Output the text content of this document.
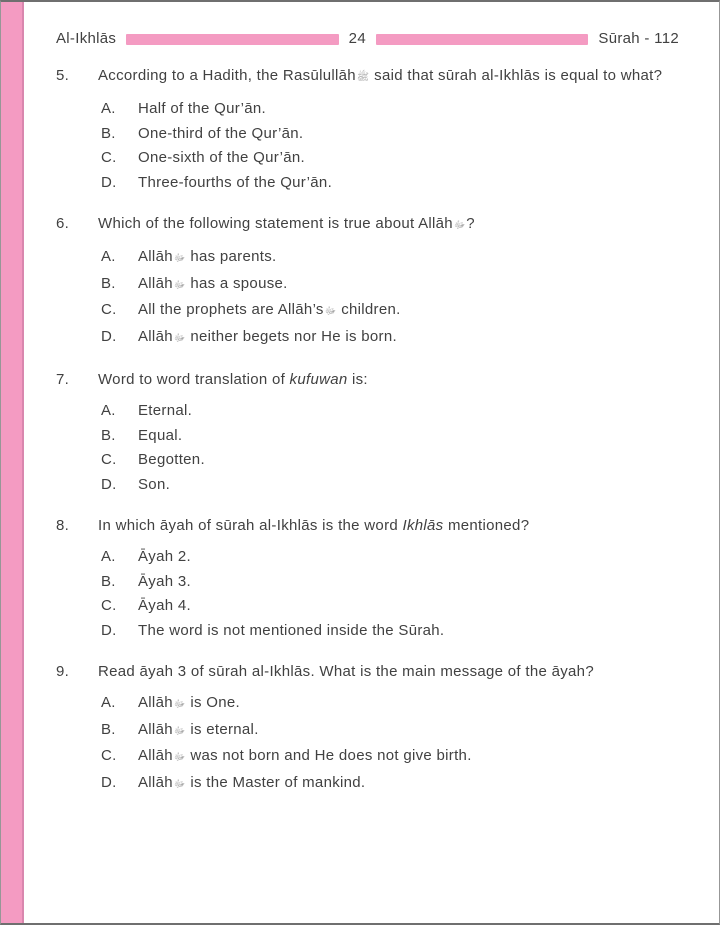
Al-Ikhlās	24	Sūrah - 112
5.	According to a Hadith, the Rasūlullāhﷺ said that sūrah al-Ikhlās is equal to what?
A.	Half of the Qur’ān.
B.	One-third of the Qur’ān.
C.	One-sixth of the Qur’ān.
D.	Three-fourths of the Qur’ān.
6.	Which of the following statement is true about Allāhﷻ?
A.	Allāhﷻ has parents.
B.	Allāhﷻ has a spouse.
C.	All the prophets are Allāh’sﷻ children.
D.	Allāhﷻ neither begets nor He is born.
7.	Word to word translation of kufuwan is:
A.	Eternal.
B.	Equal.
C.	Begotten.
D.	Son.
8.	In which āyah of sūrah al-Ikhlās is the word Ikhlās mentioned?
A.	Āyah 2.
B.	Āyah 3.
C.	Āyah 4.
D.	The word is not mentioned inside the Sūrah.
9.	Read āyah 3 of sūrah al-Ikhlās. What is the main message of the āyah?
A.	Allāhﷻ is One.
B.	Allāhﷻ is eternal.
C.	Allāhﷻ was not born and He does not give birth.
D.	Allāhﷻ is the Master of mankind.
